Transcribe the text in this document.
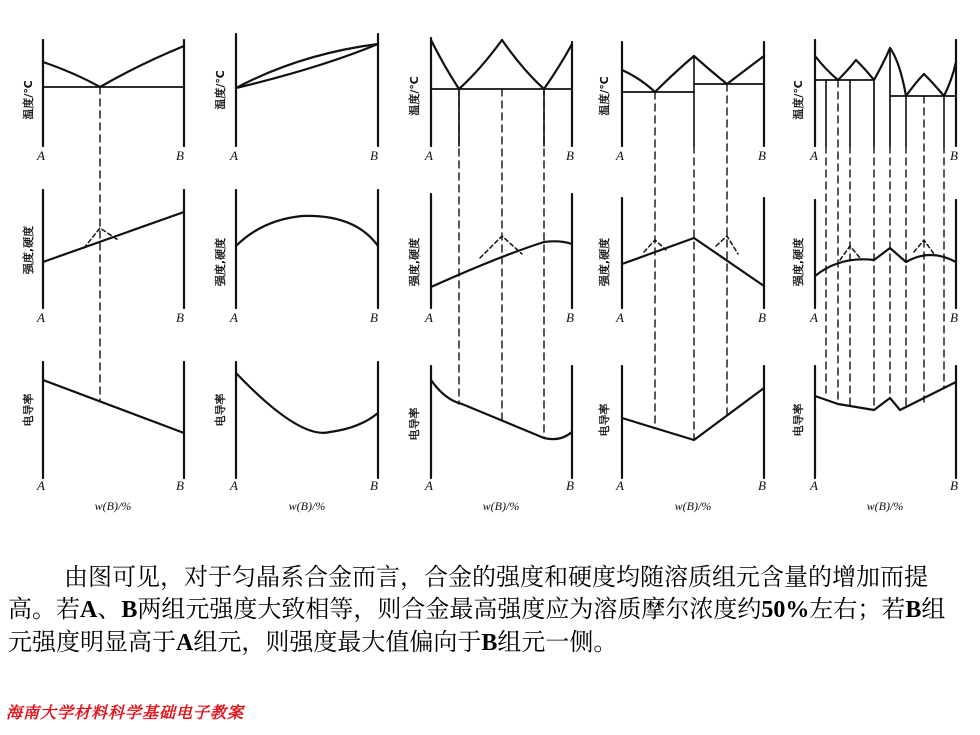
温度/℃
强度,硬度
电导率
温度/℃
强度,硬度
电导率
温度/℃
强度,硬度
电导率
温度/℃
强度,硬度
电导率
温度/℃
强度,硬度
电导率
A	B
A	B
A	B
A	B
A	B
A	B
A	B
A	B
A	B
A	B
A	B
A	B
A	B
A	B
A	B
w(B)/%	w(B)/%	w(B)/%	w(B)/%	w(B)/%
由图可见，对于匀晶系合金而言，合金的强度和硬度均随溶质组元含量的增加而提高。若A、B两组元强度大致相等，则合金最高强度应为溶质摩尔浓度约50%左右；若B组元强度明显高于A组元，则强度最大值偏向于B组元一侧。
海南大学材料科学基础电子教案
